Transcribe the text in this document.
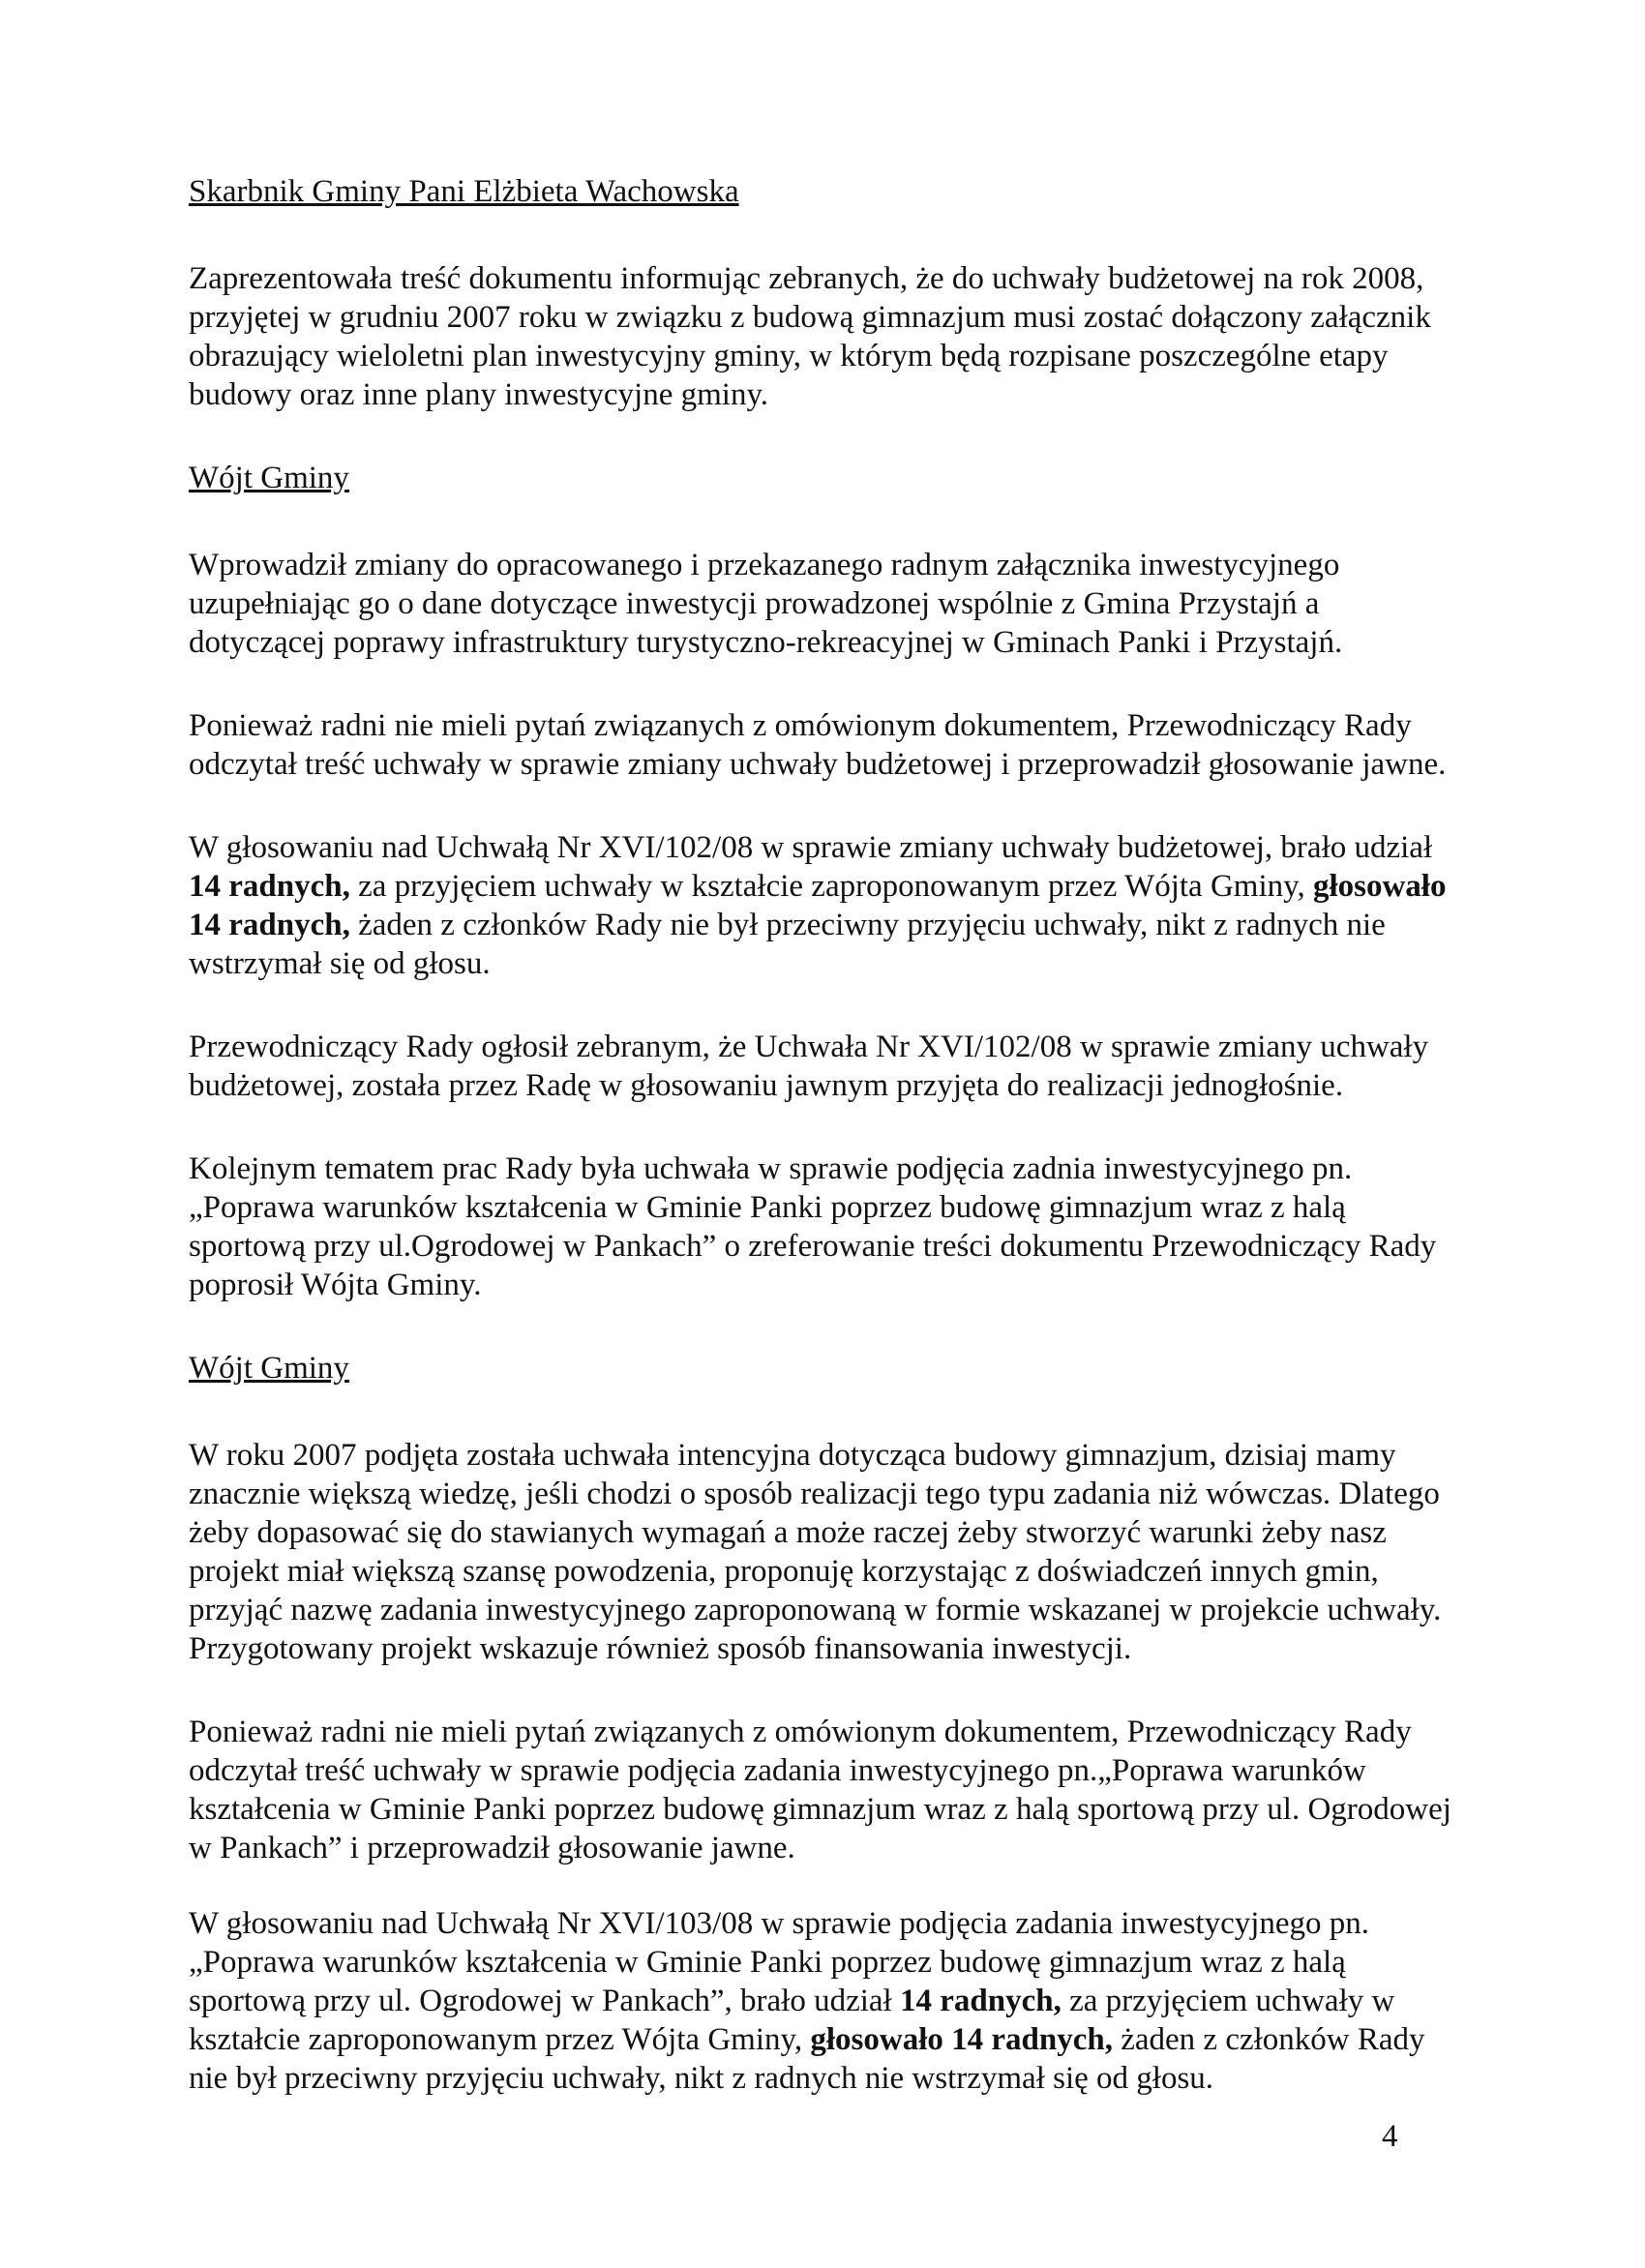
Skarbnik Gminy Pani Elżbieta Wachowska

Zaprezentowała treść dokumentu informując zebranych, że do uchwały budżetowej na rok 2008, przyjętej w grudniu 2007 roku w związku z budową gimnazjum musi zostać dołączony załącznik obrazujący wieloletni plan inwestycyjny gminy, w którym będą rozpisane poszczególne etapy budowy oraz inne plany inwestycyjne gminy.

Wójt Gminy

Wprowadził zmiany do opracowanego i przekazanego radnym załącznika inwestycyjnego uzupełniając go o dane dotyczące inwestycji prowadzonej wspólnie z Gmina Przystajń a dotyczącej poprawy infrastruktury turystyczno-rekreacyjnej w Gminach Panki i Przystajń.

Ponieważ radni nie mieli pytań związanych z omówionym dokumentem, Przewodniczący Rady odczytał treść uchwały w sprawie zmiany uchwały budżetowej i przeprowadził głosowanie jawne.

W głosowaniu nad Uchwałą Nr XVI/102/08 w sprawie zmiany uchwały budżetowej, brało udział 14 radnych, za przyjęciem uchwały w kształcie zaproponowanym przez Wójta Gminy, głosowało 14 radnych, żaden z członków Rady nie był przeciwny przyjęciu uchwały, nikt z radnych nie wstrzymał się od głosu.

Przewodniczący Rady ogłosił zebranym, że Uchwała Nr XVI/102/08 w sprawie zmiany uchwały budżetowej, została przez Radę w głosowaniu jawnym przyjęta do realizacji jednogłośnie.

Kolejnym tematem prac Rady była uchwała w sprawie podjęcia zadnia inwestycyjnego pn. „Poprawa warunków kształcenia w Gminie Panki poprzez budowę gimnazjum wraz z halą sportową przy ul.Ogrodowej w Pankach” o zreferowanie treści dokumentu Przewodniczący Rady poprosił Wójta Gminy.

Wójt Gminy

W roku 2007 podjęta została uchwała intencyjna dotycząca budowy gimnazjum, dzisiaj mamy znacznie większą wiedzę, jeśli chodzi o sposób realizacji tego typu zadania niż wówczas. Dlatego żeby dopasować się do stawianych wymagań a może raczej żeby stworzyć warunki żeby nasz projekt miał większą szansę powodzenia, proponuję korzystając z doświadczeń innych gmin, przyjąć nazwę zadania inwestycyjnego zaproponowaną w formie wskazanej w projekcie uchwały. Przygotowany projekt wskazuje również sposób finansowania inwestycji.

Ponieważ radni nie mieli pytań związanych z omówionym dokumentem, Przewodniczący Rady odczytał treść uchwały w sprawie podjęcia zadania inwestycyjnego pn.„Poprawa warunków kształcenia w Gminie Panki poprzez budowę gimnazjum wraz z halą sportową przy ul. Ogrodowej w Pankach” i przeprowadził głosowanie jawne.

W głosowaniu nad Uchwałą Nr XVI/103/08 w sprawie podjęcia zadania inwestycyjnego pn.„Poprawa warunków kształcenia w Gminie Panki poprzez budowę gimnazjum wraz z halą sportową przy ul. Ogrodowej w Pankach”, brało udział 14 radnych, za przyjęciem uchwały w kształcie zaproponowanym przez Wójta Gminy, głosowało 14 radnych, żaden z członków Rady nie był przeciwny przyjęciu uchwały, nikt z radnych nie wstrzymał się od głosu.

4
